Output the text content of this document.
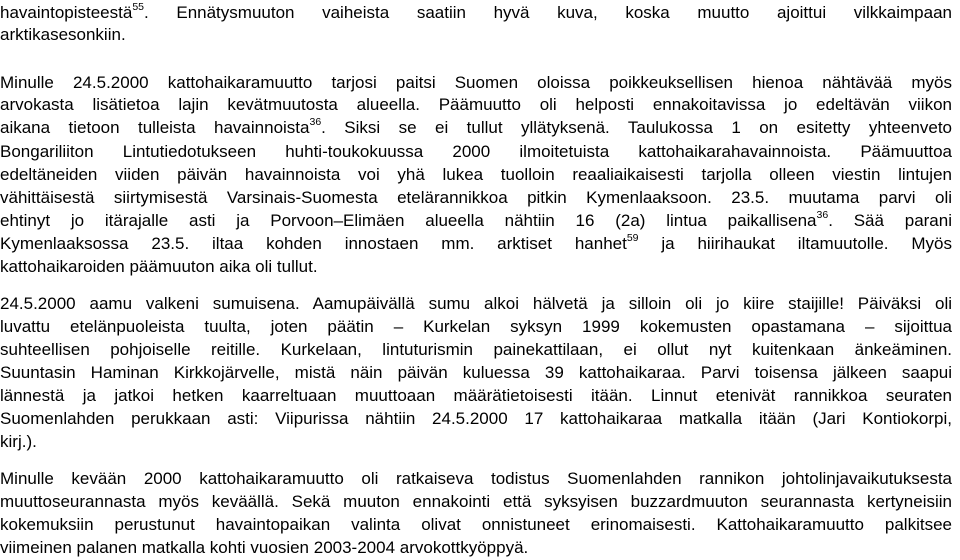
havaintopisteestä$^{55}$. Ennätysmuuton vaiheista saatiin hyvä kuva, koska muutto ajoittui vilkkaimpaan
arktikasesonkiin.
Minulle 24.5.2000 kattohaikaramuutto tarjosi paitsi Suomen oloissa poikkeuksellisen hienoa nähtävää myös
arvokasta lisätietoa lajin kevätmuutosta alueella. Päämuutto oli helposti ennakoitavissa jo edeltävän viikon
aikana tietoon tulleista havainnoista$^{36}$. Siksi se ei tullut yllätyksenä. Taulukossa 1 on esitetty yhteenveto
Bongariliiton Lintutiedotukseen huhti-toukokuussa 2000 ilmoitetuista kattohaikarahavainnoista. Päämuuttoa
edeltäneiden viiden päivän havainnoista voi yhä lukea tuolloin reaaliaikaisesti tarjolla olleen viestin lintujen
vähittäisestä siirtymisestä Varsinais-Suomesta etelärannikkoa pitkin Kymenlaaksoon. 23.5. muutama parvi oli
ehtinyt jo itärajalle asti ja Porvoon–Elimäen alueella nähtiin 16 (2a) lintua paikallisena$^{36}$. Sää parani
Kymenlaaksossa 23.5. iltaa kohden innostaen mm. arktiset hanhet$^{59}$ ja hiirihaukat iltamuutolle. Myös
kattohaikaroiden päämuuton aika oli tullut.
24.5.2000 aamu valkeni sumuisena. Aamupäivällä sumu alkoi hälvetä ja silloin oli jo kiire staijille! Päiväksi oli
luvattu etelänpuoleista tuulta, joten päätin – Kurkelan syksyn 1999 kokemusten opastamana – sijoittua
suhteellisen pohjoiselle reitille. Kurkelaan, lintuturismin painekattilaan, ei ollut nyt kuitenkaan änkeäminen.
Suuntasin Haminan Kirkkojärvelle, mistä näin päivän kuluessa 39 kattohaikaraa. Parvi toisensa jälkeen saapui
lännestä ja jatkoi hetken kaarreltuaan muuttoaan määrätietoisesti itään. Linnut etenivät rannikkoa seuraten
Suomenlahden perukkaan asti: Viipurissa nähtiin 24.5.2000 17 kattohaikaraa matkalla itään (Jari Kontiokorpi,
kirj.).
Minulle kevään 2000 kattohaikaramuutto oli ratkaiseva todistus Suomenlahden rannikon johtolinjavaikutuksesta
muuttoseurannasta myös keväällä. Sekä muuton ennakointi että syksyisen buzzardmuuton seurannasta kertyneisiin
kokemuksiin perustunut havaintopaikan valinta olivat onnistuneet erinomaisesti. Kattohaikaramuutto palkitsee
viimeinen palanen matkalla kohti vuosien 2003-2004 arvokottkyöppyä.
